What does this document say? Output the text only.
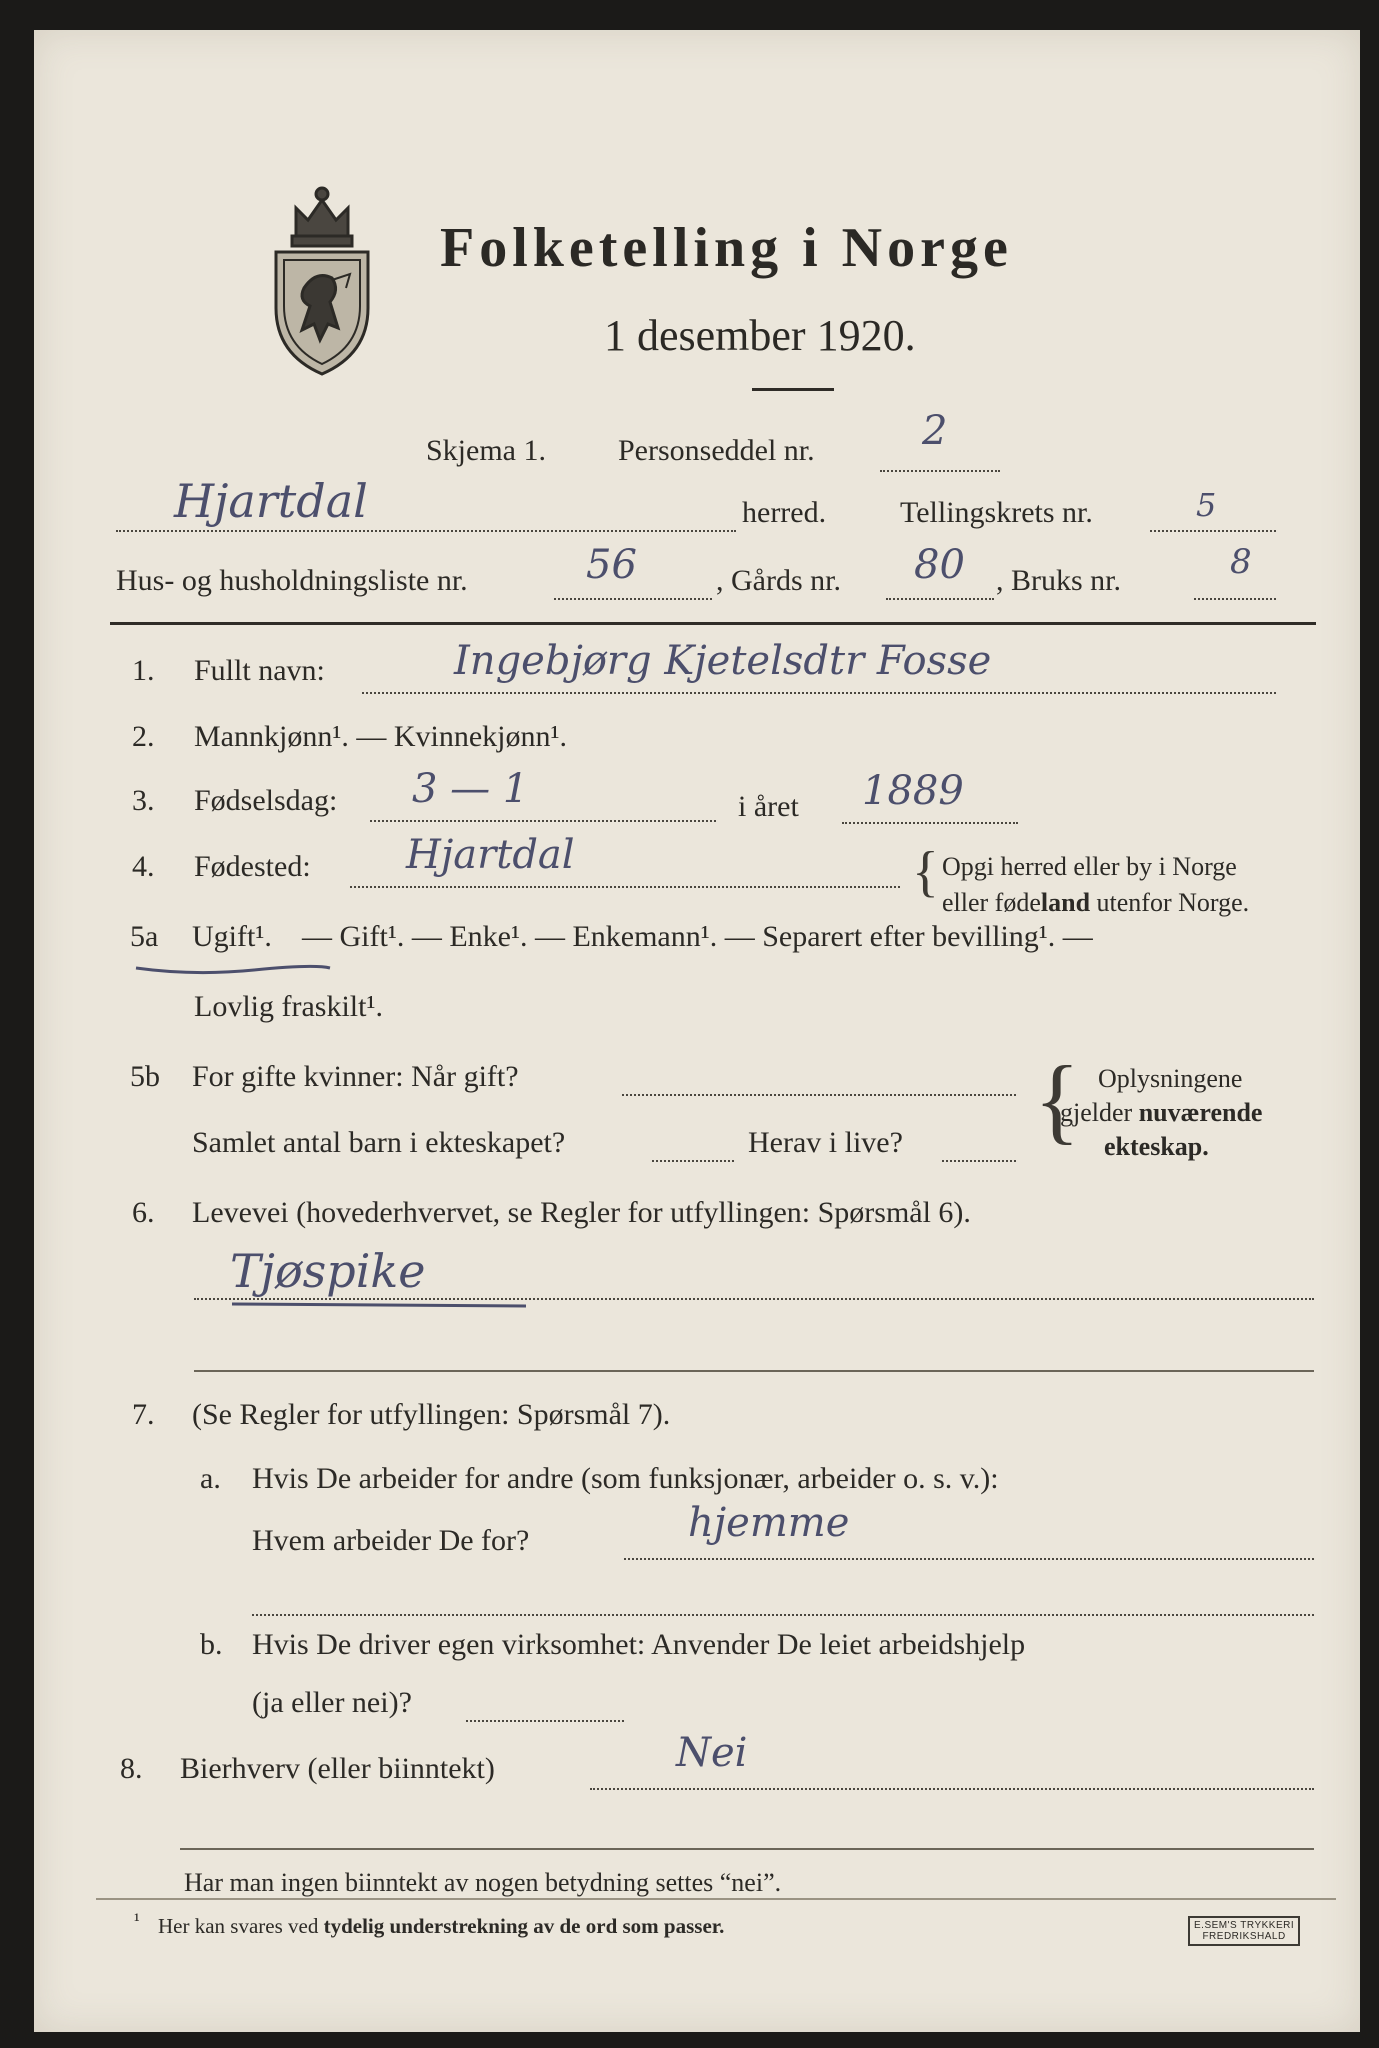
Folketelling i Norge
1 desember 1920.
Skjema 1. Personseddel nr.	2
Hjartdal	herred. Tellingskrets nr.	5
Hus- og husholdningsliste nr.	56	, Gårds nr. 80 , Bruks nr.	8
1. Fullt navn:	Ingebjørg Kjetelsdtr Fosse
2. Mannkjønn¹. — Kvinnekjønn¹.
3. Fødselsdag: 3 — 1	i året 1889
4. Fødested: Hjartdal	{ Opgi herred eller by i Norge
eller fødeland utenfor Norge.
5a Ugift¹. — Gift¹. — Enke¹. — Enkemann¹. — Separert efter bevilling¹. —
Lovlig fraskilt¹.
5b For gifte kvinner: Når gift?
Samlet antal barn i ekteskapet?	Herav i live? { Oplysningene
gjelder nuværende
ekteskap.
6. Levevei (hovederhvervet, se Regler for utfyllingen: Spørsmål 6).
Tjøspike
7. (Se Regler for utfyllingen: Spørsmål 7).
a. Hvis De arbeider for andre (som funksjonær, arbeider o. s. v.):
Hvem arbeider De for?	hjemme
b. Hvis De driver egen virksomhet: Anvender De leiet arbeidshjelp
(ja eller nei)?
8. Bierhverv (eller biinntekt)	Nei
Har man ingen biinntekt av nogen betydning settes “nei”.
¹ Her kan svares ved tydelig understrekning av de ord som passer.	E.SEM'S TRYKKERI
FREDRIKSHALD
